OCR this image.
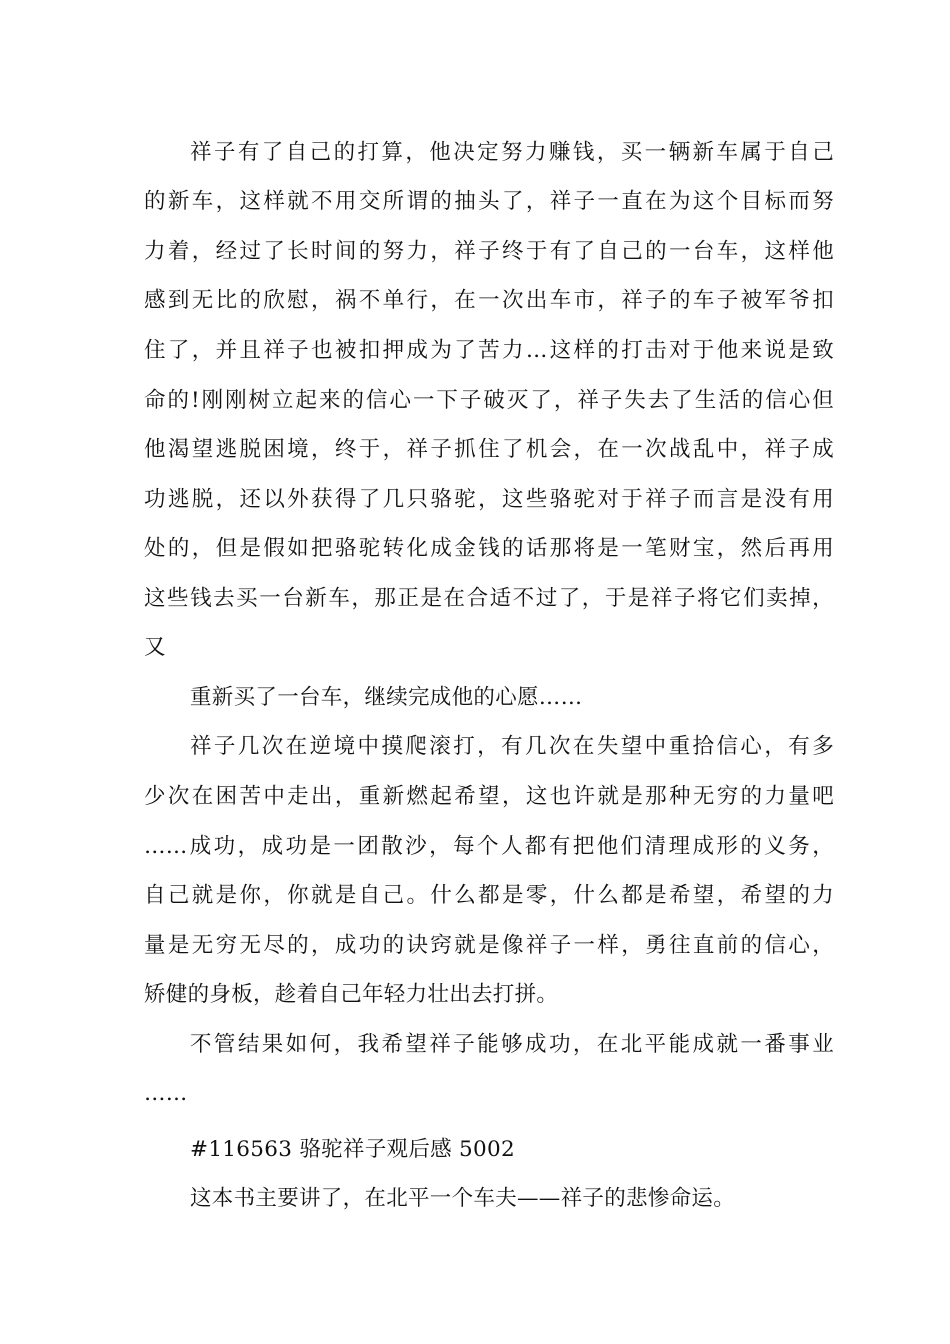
祥子有了自己的打算，他决定努力赚钱，买一辆新车属于自己
的新车，这样就不用交所谓的抽头了，祥子一直在为这个目标而努
力着，经过了长时间的努力，祥子终于有了自己的一台车，这样他
感到无比的欣慰，祸不单行，在一次出车市，祥子的车子被军爷扣
住了，并且祥子也被扣押成为了苦力…这样的打击对于他来说是致
命的!刚刚树立起来的信心一下子破灭了，祥子失去了生活的信心但
他渴望逃脱困境，终于，祥子抓住了机会，在一次战乱中，祥子成
功逃脱，还以外获得了几只骆驼，这些骆驼对于祥子而言是没有用
处的，但是假如把骆驼转化成金钱的话那将是一笔财宝，然后再用
这些钱去买一台新车，那正是在合适不过了，于是祥子将它们卖掉，
又
重新买了一台车，继续完成他的心愿……
祥子几次在逆境中摸爬滚打，有几次在失望中重拾信心，有多
少次在困苦中走出，重新燃起希望，这也许就是那种无穷的力量吧
……成功，成功是一团散沙，每个人都有把他们清理成形的义务，
自己就是你，你就是自己。什么都是零，什么都是希望，希望的力
量是无穷无尽的，成功的诀窍就是像祥子一样，勇往直前的信心，
矫健的身板，趁着自己年轻力壮出去打拼。
不管结果如何，我希望祥子能够成功，在北平能成就一番事业
……
#116563 骆驼祥子观后感 5002
这本书主要讲了，在北平一个车夫——祥子的悲惨命运。
